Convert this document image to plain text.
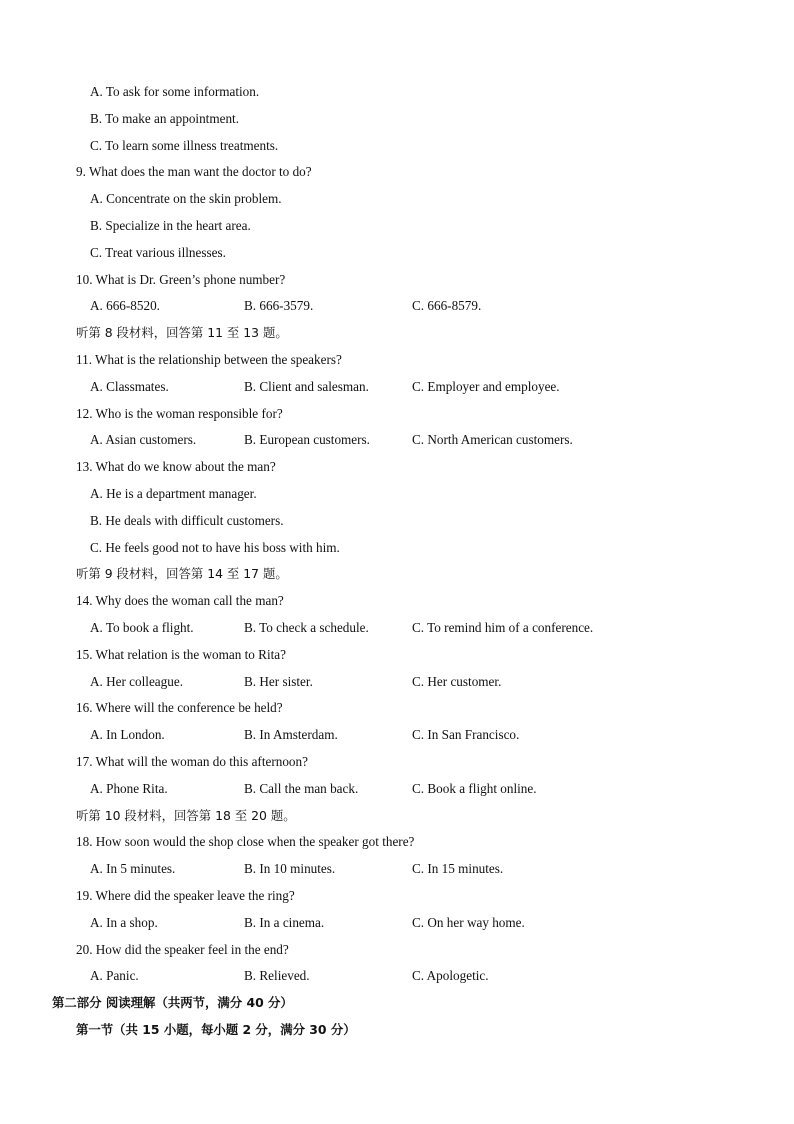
A. To ask for some information.
B. To make an appointment.
C. To learn some illness treatments.
9. What does the man want the doctor to do?
A. Concentrate on the skin problem.
B. Specialize in the heart area.
C. Treat various illnesses.
10. What is Dr. Green’s phone number?
A. 666-8520.	B. 666-3579.	C. 666-8579.
听第 8 段材料，回答第 11 至 13 题。
11. What is the relationship between the speakers?
A. Classmates.	B. Client and salesman.	C. Employer and employee.
12. Who is the woman responsible for?
A. Asian customers.	B. European customers.	C. North American customers.
13. What do we know about the man?
A. He is a department manager.
B. He deals with difficult customers.
C. He feels good not to have his boss with him.
听第 9 段材料，回答第 14 至 17 题。
14. Why does the woman call the man?
A. To book a flight.	B. To check a schedule.	C. To remind him of a conference.
15. What relation is the woman to Rita?
A. Her colleague.	B. Her sister.	C. Her customer.
16. Where will the conference be held?
A. In London.	B. In Amsterdam.	C. In San Francisco.
17. What will the woman do this afternoon?
A. Phone Rita.	B. Call the man back.	C. Book a flight online.
听第 10 段材料，回答第 18 至 20 题。
18. How soon would the shop close when the speaker got there?
A. In 5 minutes.	B. In 10 minutes.	C. In 15 minutes.
19. Where did the speaker leave the ring?
A. In a shop.	B. In a cinema.	C. On her way home.
20. How did the speaker feel in the end?
A. Panic.	B. Relieved.	C. Apologetic.
第二部分 阅读理解（共两节，满分 40 分）
第一节（共 15 小题，每小题 2 分，满分 30 分）
